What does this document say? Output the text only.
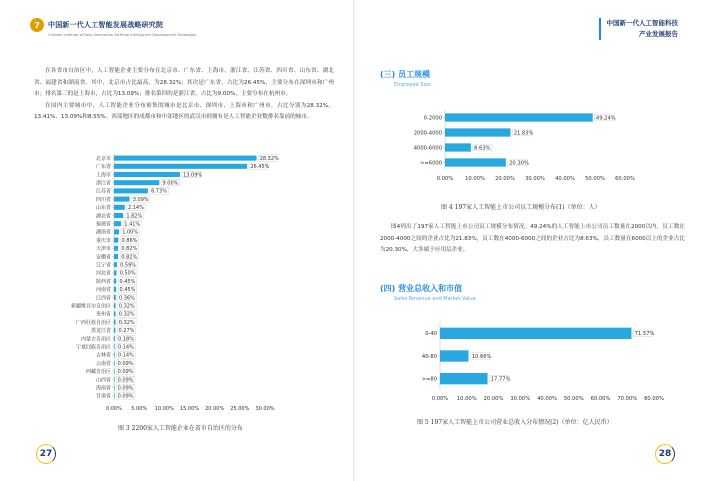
7	中国新一代人工智能发展战略研究院
Chinese Institute of New Generation Artificial Intelligence Development Strategies

在各省市自治区中，人工智能企业主要分布在北京市、广东省、上海市、浙江省、江苏省、四川省、山东省、湖北省、福建省和湖南省。其中，北京市占比最高，为28.32%；其次是广东省，占比为26.45%，主要分布在深圳市和广州市；排名第三的是上海市，占比为13.09%；排名第四的是浙江省，占比为9.00%，主要分布在杭州市。

在国内主要城市中，人工智能企业分布密集的城市是北京市、深圳市、上海市和广州市，占比分别为28.32%、13.41%、13.09%和8.55%。西部地区的成都市和中部地区的武汉市则拥有是人工智能企业数排名靠前的城市。

北京市	28.32%
广东省	26.45%
上海市	13.09%
浙江省	9.00%
江苏省	6.73%
四川省	3.09%
山东省	2.14%
湖北省	1.82%
福建省	1.41%
湖南省 1.00%
重庆市 0.86%
天津市 0.82%
安徽省 0.82%
辽宁省 0.59%
河北省 0.50%
陕西省 0.45%
河南省 0.45%
江西省 0.36%
新疆维吾尔自治区 0.32%
贵州省 0.32%
广西壮族自治区 0.32%
黑龙江省 0.27%
内蒙古自治区 0.18%
宁夏回族自治区 0.14%
吉林省 0.14%
云南省 0.09%
西藏自治区 0.09%
山西省 0.09%
海南省 0.09%
甘肃省 0.09%
0.00% 5.00% 10.00% 15.00% 20.00% 25.00% 30.00%
图 3 2200家人工智能企业在省市自治区的分布
27
中国新一代人工智能科技
产业发展报告
(三) 员工规模
Employee Size
0-2000	49.24%
2000-4000	21.83%
4000-6000	8.63%
>=6000	20.30%
0.00% 10.00% 20.00% 30.00% 40.00% 50.00% 60.00%
图 4 197家人工智能上市公司员工规模分布(1)（单位：人）

图4列出了197家人工智能上市公司员工规模分布情况。49.24%的人工智能上市公司员工数量在2000以内，员工数在2000-4000之间的企业占比为21.83%，员工数在4000-6000之间的企业占比为8.63%，员工数量在6000以上的企业占比为20.30%，大多属于应用层企业。

(四) 营业总收入和市值
Sales Revenue and Market Value
0-40	71.57%
40-80	10.66%
>=80	17.77%
0.00% 10.00% 20.00% 30.00% 40.00% 50.00% 60.00% 70.00% 80.00%
图 5 197家人工智能上市公司营业总收入分布情况(2)（单位：亿人民币）
28
